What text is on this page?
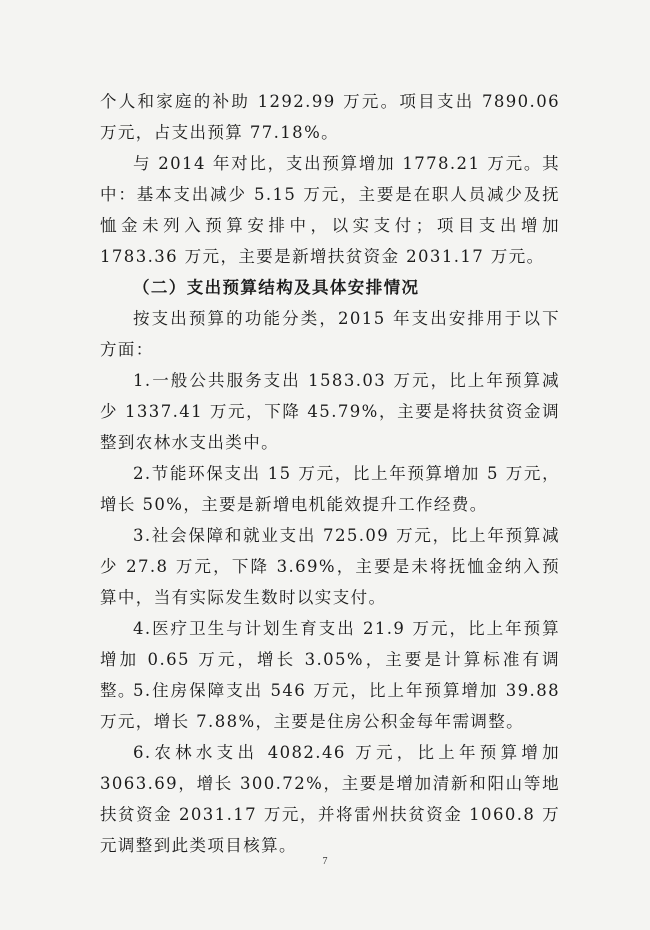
个人和家庭的补助 1292.99 万元。项目支出 7890.06 万元，占支出预算 77.18%。

与 2014 年对比，支出预算增加 1778.21 万元。其中：基本支出减少 5.15 万元，主要是在职人员减少及抚恤金未列入预算安排中，以实支付；项目支出增加 1783.36 万元，主要是新增扶贫资金 2031.17 万元。

（二）支出预算结构及具体安排情况

按支出预算的功能分类，2015 年支出安排用于以下方面：

1.一般公共服务支出 1583.03 万元，比上年预算减少 1337.41 万元，下降 45.79%，主要是将扶贫资金调整到农林水支出类中。

2.节能环保支出 15 万元，比上年预算增加 5 万元，增长 50%，主要是新增电机能效提升工作经费。

3.社会保障和就业支出 725.09 万元，比上年预算减少 27.8 万元，下降 3.69%，主要是未将抚恤金纳入预算中，当有实际发生数时以实支付。

4.医疗卫生与计划生育支出 21.9 万元，比上年预算增加 0.65 万元，增长 3.05%，主要是计算标准有调整。

5.住房保障支出 546 万元，比上年预算增加 39.88 万元，增长 7.88%，主要是住房公积金每年需调整。

6.农林水支出 4082.46 万元，比上年预算增加 3063.69，增长 300.72%，主要是增加清新和阳山等地扶贫资金 2031.17 万元，并将雷州扶贫资金 1060.8 万元调整到此类项目核算。

7
